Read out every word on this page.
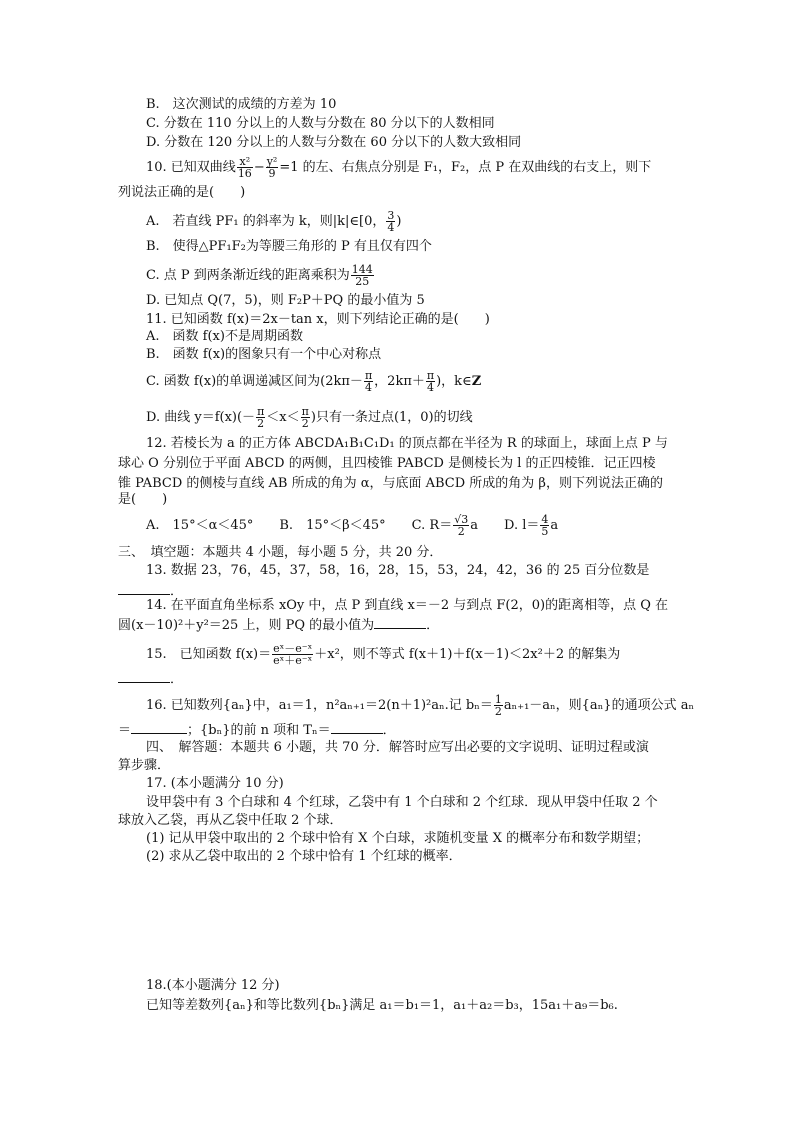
B.　这次测试的成绩的方差为 10
C. 分数在 110 分以上的人数与分数在 80 分以下的人数相同
D. 分数在 120 分以上的人数与分数在 60 分以下的人数大致相同
10. 已知双曲线 $\frac{\text{x²}}{16} - \frac{\text{y²}}{9} =1$ 的左、右焦点分别是 F₁，F₂，点 P 在双曲线的右支上，则下
列说法正确的是(　　)
A.　若直线 PF₁ 的斜率为 k，则|k|∈[0， $\frac{3}{4}$ )
B.　使得△PF₁F₂为等腰三角形的 P 有且仅有四个
C. 点 P 到两条渐近线的距离乘积为 $\frac{144}{25}$
D. 已知点 Q(7，5)，则 F₂P＋PQ 的最小值为 5
11. 已知函数 f(x)＝2x－tan x，则下列结论正确的是(　　)
A.　函数 f(x)不是周期函数
B.　函数 f(x)的图象只有一个中心对称点
C. 函数 f(x)的单调递减区间为($2k\pi- \frac{\pi}{4}$ ，$2k\pi+ \frac{\pi}{4}$ )，k∈Z
D. 曲线 $y=f(x)(- \frac{\pi}{2} <x< \frac{\pi}{2}$ )只有一条过点(1，0)的切线
12. 若棱长为 a 的正方体 ABCDA₁B₁C₁D₁ 的顶点都在半径为 R 的球面上，球面上点 P 与
球心 O 分别位于平面 ABCD 的两侧，且四棱锥 PABCD 是侧棱长为 l 的正四棱锥．记正四棱
锥 PABCD 的侧棱与直线 AB 所成的角为 α，与底面 ABCD 所成的角为 β，则下列说法正确的
是(　　)
A.　15°＜α＜45°　　B.　15°＜β＜45°　　C. $R= \frac{√3}{2}$ a　　D. $l= \frac{4}{5}$ a
三、　填空题：本题共 4 小题，每小题 5 分，共 20 分．
13. 数据 23，76，45，37，58，16，28，15，53，24，42，36 的 25 百分位数是
．
14. 在平面直角坐标系 xOy 中，点 P 到直线 x＝－2 与到点 F(2，0)的距离相等，点 Q 在
圆(x－10)²＋y²＝25 上，则 PQ 的最小值为	．
15.　已知函数 $f(x)= \frac{\text{eˣ－e⁻ˣ}}{\text{eˣ＋e⁻ˣ}} +x^2$，则不等式 f(x＋1)＋f(x－1)＜2x²＋2 的解集为
．
16. 已知数列{aₙ}中，a₁＝1，n²aₙ₊₁＝2(n＋1)²aₙ.记 $b_n= \frac{1}{2} a_{n+1}-a_n$，则{aₙ}的通项公式 aₙ
＝	；{bₙ}的前 n 项和 Tₙ＝	．
四、　解答题：本题共 6 小题，共 70 分．解答时应写出必要的文字说明、证明过程或演
算步骤．
17. (本小题满分 10 分)
设甲袋中有 3 个白球和 4 个红球，乙袋中有 1 个白球和 2 个红球．现从甲袋中任取 2 个
球放入乙袋，再从乙袋中任取 2 个球．
(1) 记从甲袋中取出的 2 个球中恰有 X 个白球，求随机变量 X 的概率分布和数学期望；
(2) 求从乙袋中取出的 2 个球中恰有 1 个红球的概率．
18.(本小题满分 12 分)
已知等差数列{aₙ}和等比数列{bₙ}满足 a₁＝b₁＝1，a₁＋a₂＝b₃，15a₁＋a₉＝b₆.
